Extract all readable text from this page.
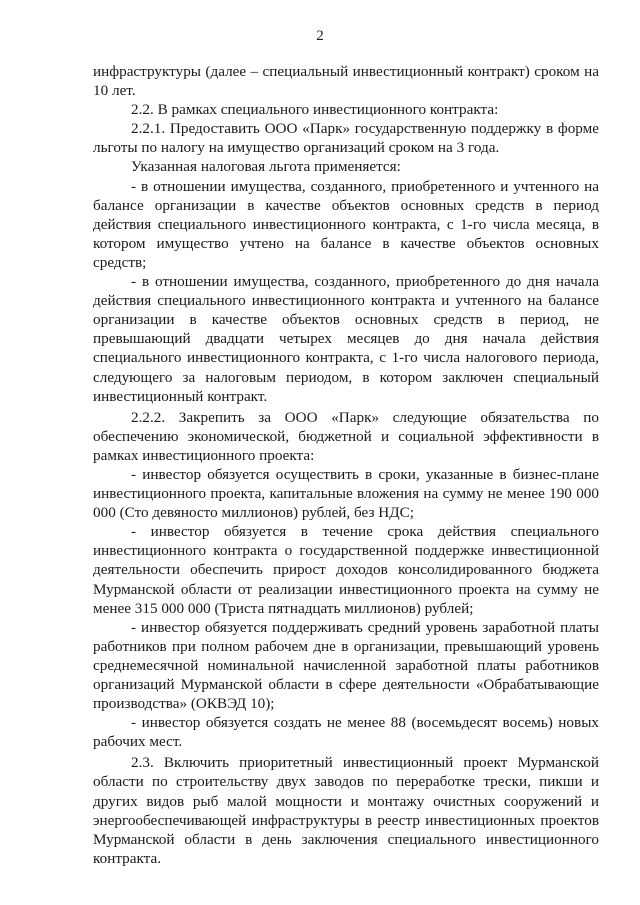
2

инфраструктуры (далее – специальный инвестиционный контракт) сроком на 10 лет.

2.2. В рамках специального инвестиционного контракта:

2.2.1. Предоставить ООО «Парк» государственную поддержку в форме льготы по налогу на имущество организаций сроком на 3 года.

Указанная налоговая льгота применяется:

- в отношении имущества, созданного, приобретенного и учтенного на балансе организации в качестве объектов основных средств в период действия специального инвестиционного контракта, с 1-го числа месяца, в котором имущество учтено на балансе в качестве объектов основных средств;

- в отношении имущества, созданного, приобретенного до дня начала действия специального инвестиционного контракта и учтенного на балансе организации в качестве объектов основных средств в период, не превышающий двадцати четырех месяцев до дня начала действия специального инвестиционного контракта, с 1-го числа налогового периода, следующего за налоговым периодом, в котором заключен специальный инвестиционный контракт.

2.2.2. Закрепить за ООО «Парк» следующие обязательства по обеспечению экономической, бюджетной и социальной эффективности в рамках инвестиционного проекта:

- инвестор обязуется осуществить в сроки, указанные в бизнес-плане инвестиционного проекта, капитальные вложения на сумму не менее 190 000 000 (Сто девяносто миллионов) рублей, без НДС;

- инвестор обязуется в течение срока действия специального инвестиционного контракта о государственной поддержке инвестиционной деятельности обеспечить прирост доходов консолидированного бюджета Мурманской области от реализации инвестиционного проекта на сумму не менее 315 000 000 (Триста пятнадцать миллионов) рублей;

- инвестор обязуется поддерживать средний уровень заработной платы работников при полном рабочем дне в организации, превышающий уровень среднемесячной номинальной начисленной заработной платы работников организаций Мурманской области в сфере деятельности «Обрабатывающие производства» (ОКВЭД 10);

- инвестор обязуется создать не менее 88 (восемьдесят восемь) новых рабочих мест.

2.3. Включить приоритетный инвестиционный проект Мурманской области по строительству двух заводов по переработке трески, пикши и других видов рыб малой мощности и монтажу очистных сооружений и энергообеспечивающей инфраструктуры в реестр инвестиционных проектов Мурманской области в день заключения специального инвестиционного контракта.
